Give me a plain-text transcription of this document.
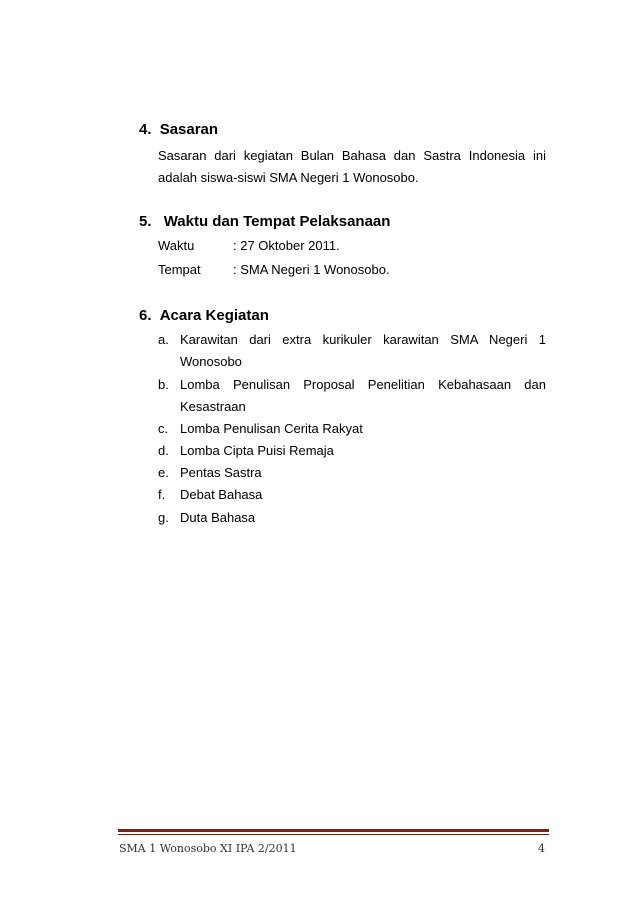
4. Sasaran

Sasaran dari kegiatan Bulan Bahasa dan Sastra Indonesia ini
adalah siswa-siswi SMA Negeri 1 Wonosobo.

5. Waktu dan Tempat Pelaksanaan
Waktu	: 27 Oktober 2011.
Tempat : SMA Negeri 1 Wonosobo.
6. Acara Kegiatan
a. Karawitan dari extra kurikuler karawitan SMA Negeri 1
Wonosobo
b. Lomba Penulisan Proposal Penelitian Kebahasaan dan
Kesastraan
c. Lomba Penulisan Cerita Rakyat
d. Lomba Cipta Puisi Remaja
e. Pentas Sastra
f. Debat Bahasa
g. Duta Bahasa
SMA 1 Wonosobo XI IPA 2/2011	4
